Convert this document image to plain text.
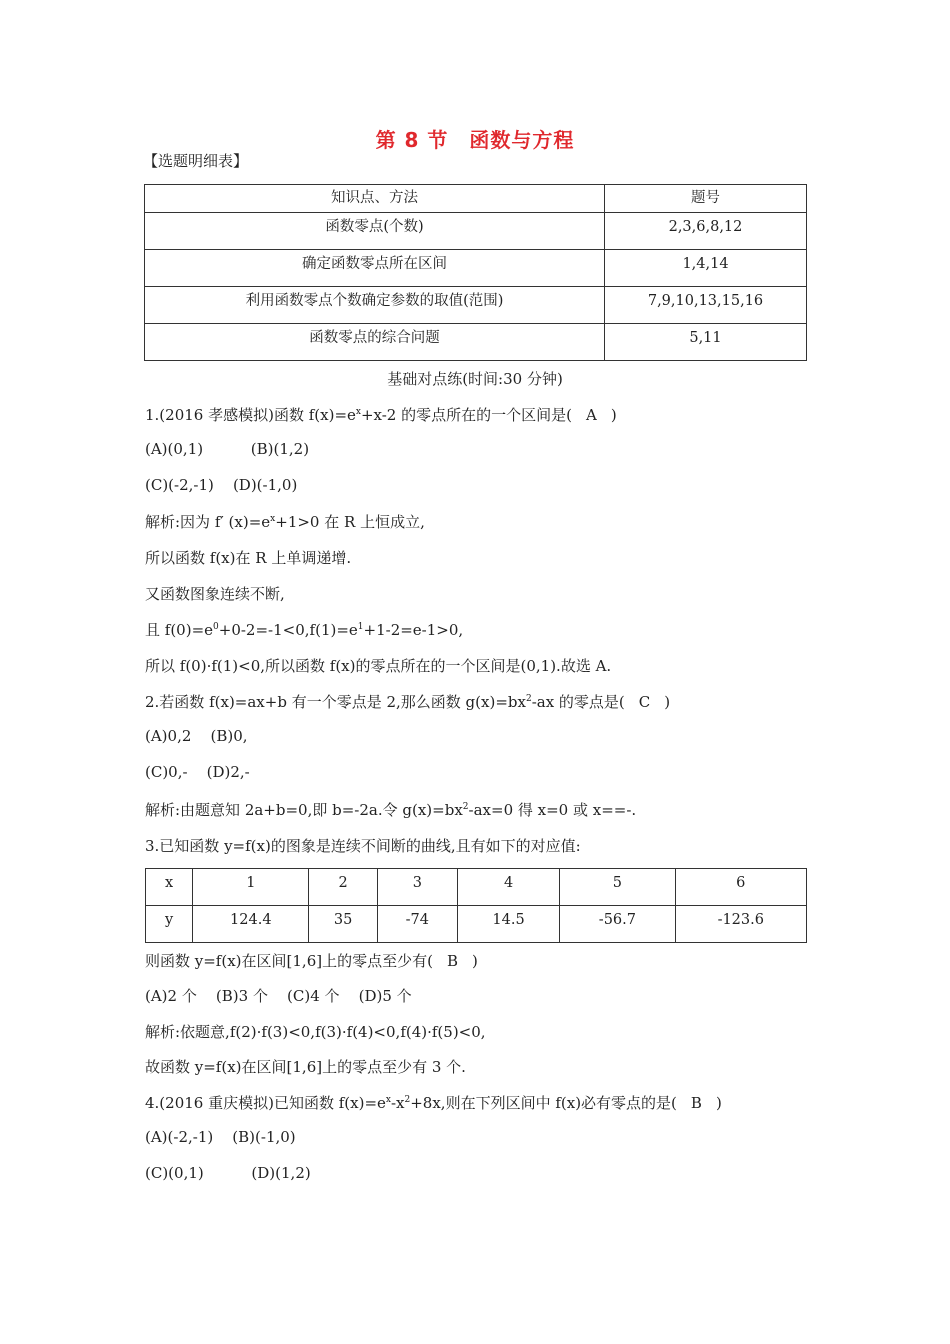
第 8 节　函数与方程
【选题明细表】
知识点、方法	题号
函数零点(个数)	2,3,6,8,12
确定函数零点所在区间	1,4,14
利用函数零点个数确定参数的取值(范围)	7,9,10,13,15,16
函数零点的综合问题	5,11
基础对点练(时间:30 分钟)
1.(2016 孝感模拟)函数 $f(x)=e^x+x-2$ 的零点所在的一个区间是( A )
(A)(0,1)          (B)(1,2)
(C)(-2,-1)    (D)(-1,0)
解析:因为 f′ $(x)=e^x+1>0$ 在 R 上恒成立,
所以函数 f(x)在 R 上单调递增.
又函数图象连续不断,
且 $f(0)=e^0+0-2=-1<0,f(1)=e^1+1-2=e-1>0$,
所以 f(0)·f(1)<0,所以函数 f(x)的零点所在的一个区间是(0,1).故选 A.
2.若函数 f(x)=ax+b 有一个零点是 2,那么函数 $g(x)=bx^2-ax$ 的零点是( C )
(A)0,2    (B)0,
(C)0,-    (D)2,-
解析:由题意知 2a+b=0,即 b=-2a.令 $g(x)=bx^2-ax=0$ 得 x=0 或 x==-.
3.已知函数 y=f(x)的图象是连续不间断的曲线,且有如下的对应值:
x	1	2	3	4	5	6
y	124.4	35	-74	14.5	-56.7	-123.6
则函数 y=f(x)在区间[1,6]上的零点至少有( B )
(A)2 个    (B)3 个    (C)4 个    (D)5 个
解析:依题意,f(2)·f(3)<0,f(3)·f(4)<0,f(4)·f(5)<0,
故函数 y=f(x)在区间[1,6]上的零点至少有 3 个.
4.(2016 重庆模拟)已知函数 $f(x)=e^x-x^2+8x$,则在下列区间中 f(x)必有零点的是( B )
(A)(-2,-1)    (B)(-1,0)
(C)(0,1)          (D)(1,2)
